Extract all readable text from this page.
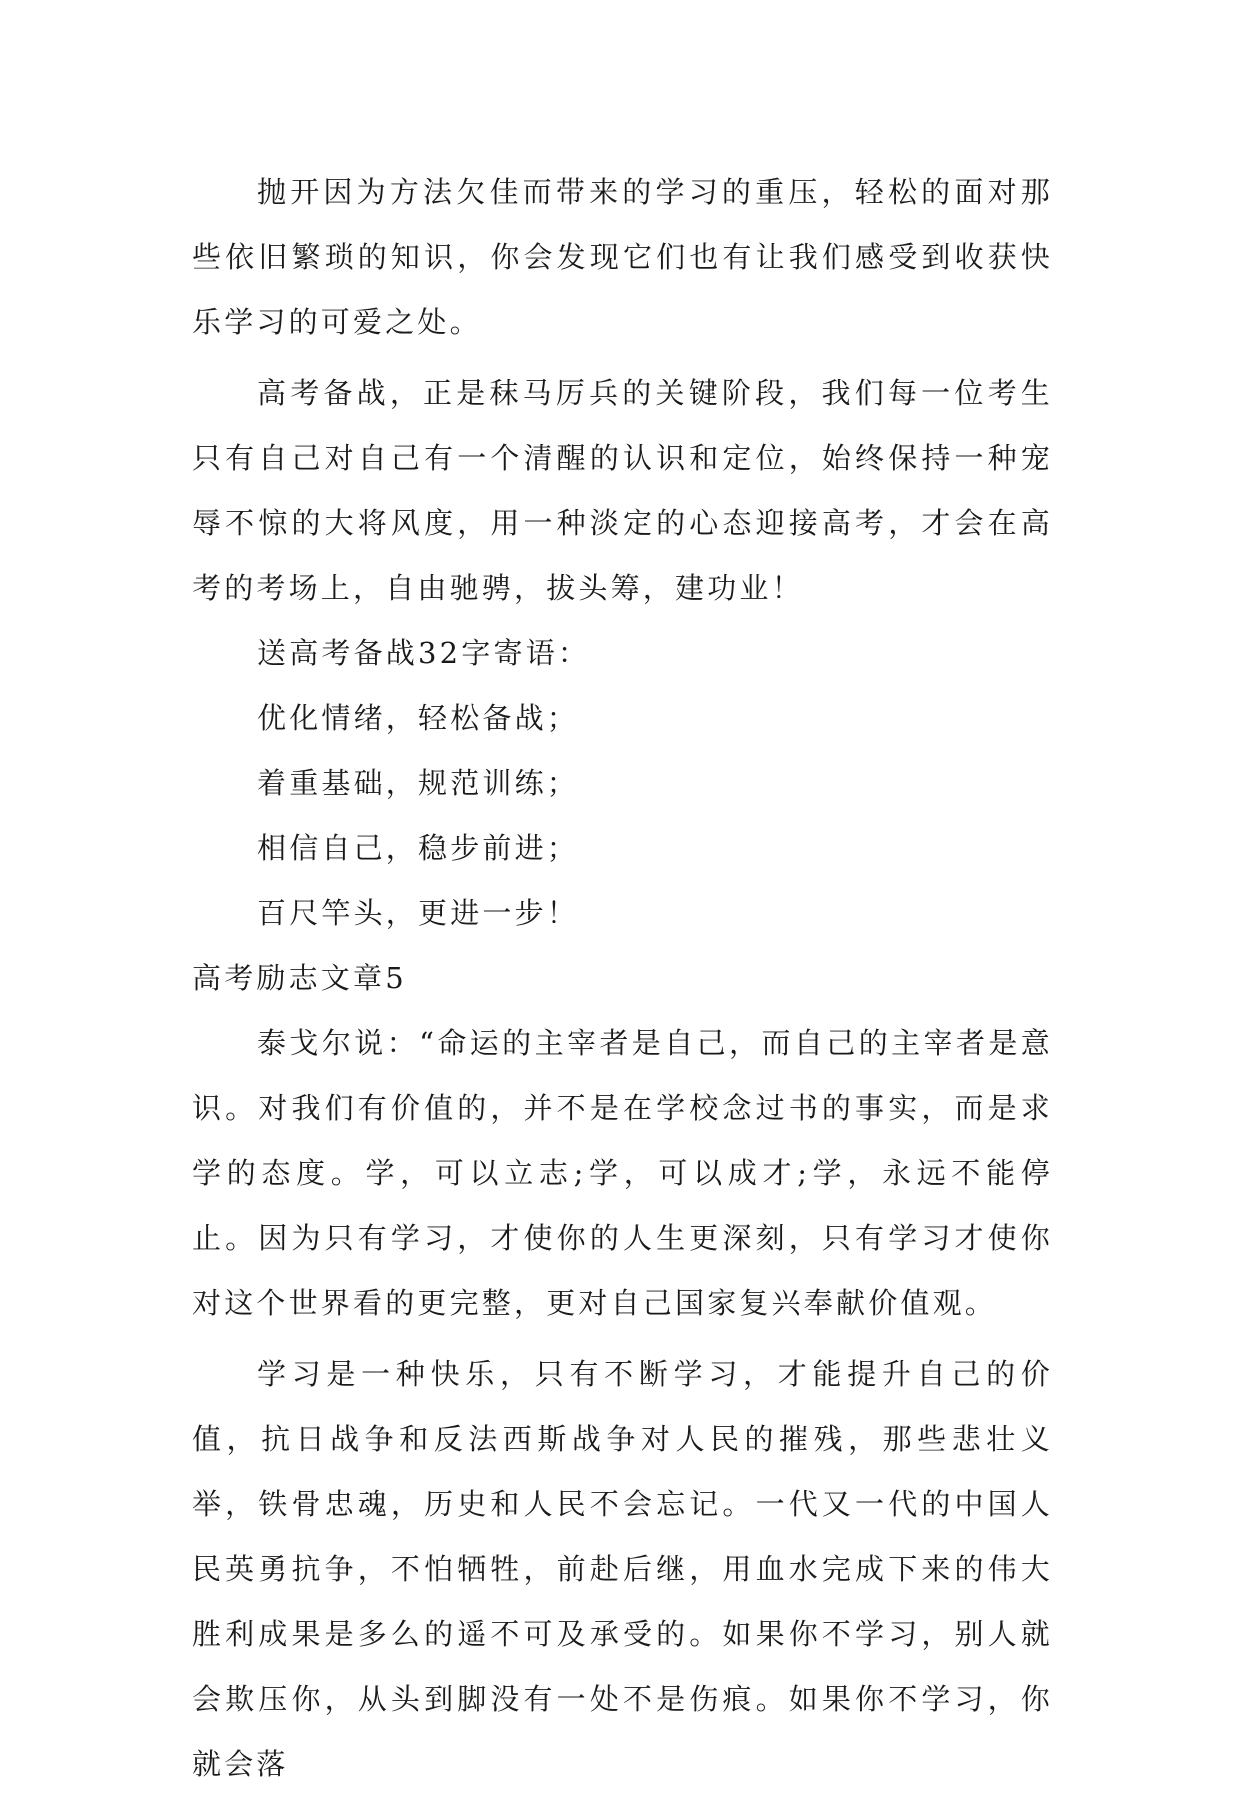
抛开因为方法欠佳而带来的学习的重压，轻松的面对那些依旧繁琐的知识，你会发现它们也有让我们感受到收获快乐学习的可爱之处。

高考备战，正是秣马厉兵的关键阶段，我们每一位考生只有自己对自己有一个清醒的认识和定位，始终保持一种宠辱不惊的大将风度，用一种淡定的心态迎接高考，才会在高考的考场上，自由驰骋，拔头筹，建功业！

送高考备战32字寄语：

优化情绪，轻松备战；

着重基础，规范训练；

相信自己，稳步前进；

百尺竿头，更进一步！

高考励志文章5

泰戈尔说：“命运的主宰者是自己，而自己的主宰者是意识。对我们有价值的，并不是在学校念过书的事实，而是求学的态度。学，可以立志;学，可以成才;学，永远不能停止。因为只有学习，才使你的人生更深刻，只有学习才使你对这个世界看的更完整，更对自己国家复兴奉献价值观。

学习是一种快乐，只有不断学习，才能提升自己的价值，抗日战争和反法西斯战争对人民的摧残，那些悲壮义举，铁骨忠魂，历史和人民不会忘记。一代又一代的中国人民英勇抗争，不怕牺牲，前赴后继，用血水完成下来的伟大胜利成果是多么的遥不可及承受的。如果你不学习，别人就会欺压你，从头到脚没有一处不是伤痕。如果你不学习，你就会落
